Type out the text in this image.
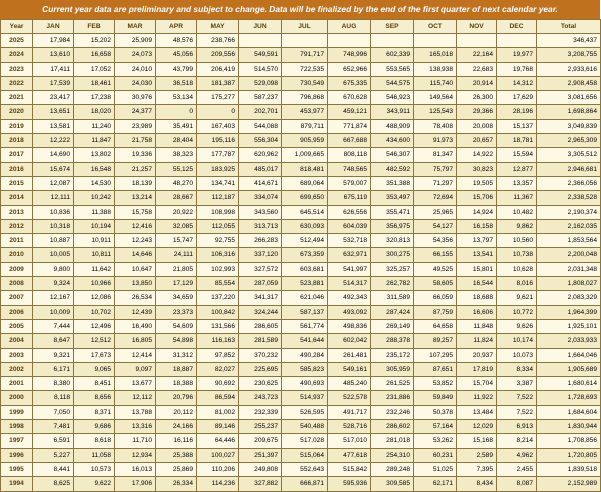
Current year data are preliminary and subject to change. Data will be finalized by the end of the first quarter of next calendar year.
Year	JAN	FEB	MAR	APR	MAY	JUN	JUL	AUG	SEP	OCT	NOV	DEC	Total
2025	17,984	15,202	25,909	48,576	238,766								346,437
2024	13,610	16,658	24,073	45,056	209,556	549,591	791,717	748,996	602,339	165,018	22,164	19,977	3,208,755
2023	17,411	17,052	24,010	43,799	206,419	514,570	722,535	652,966	553,565	138,938	22,683	19,768	2,933,616
2022	17,539	18,461	24,030	36,518	181,387	529,098	730,549	675,335	544,575	115,740	20,914	14,312	2,908,458
2021	23,417	17,238	30,976	53,134	175,277	587,237	796,868	670,628	546,923	149,564	26,300	17,629	3,081,656
2020	13,651	18,020	24,377	0	0	202,701	453,977	459,121	343,911	125,543	29,366	28,196	1,698,864
2019	13,581	11,240	23,989	35,491	167,403	544,088	879,711	771,874	488,909	78,408	20,008	15,137	3,049,839
2018	12,222	11,847	21,758	28,404	195,116	556,304	905,959	667,688	434,600	91,973	20,657	18,781	2,965,309
2017	14,690	13,802	19,336	38,323	177,787	620,962	1,009,665	808,118	546,307	81,347	14,922	15,594	3,305,512
2016	15,674	16,548	21,257	55,125	183,925	485,017	818,481	748,565	482,592	75,797	30,823	12,877	2,946,681
2015	12,087	14,530	18,139	48,270	134,741	414,671	689,064	579,007	351,388	71,297	19,505	13,357	2,366,056
2014	12,111	10,242	13,214	28,667	112,187	334,074	699,650	675,119	353,497	72,694	15,706	11,367	2,338,528
2013	10,836	11,388	15,758	20,922	108,998	343,560	645,514	626,556	355,471	25,965	14,924	10,482	2,190,374
2012	10,318	10,194	12,416	32,085	112,055	313,713	630,093	604,039	356,975	54,127	16,158	9,862	2,162,035
2011	10,887	10,911	12,243	15,747	92,755	266,283	512,494	532,718	320,813	54,356	13,797	10,560	1,853,564
2010	10,005	10,811	14,646	24,111	106,316	337,120	673,359	632,971	300,275	66,155	13,541	10,738	2,200,048
2009	9,800	11,642	10,647	21,805	102,993	327,572	603,681	541,997	325,257	49,525	15,801	10,628	2,031,348
2008	9,324	10,966	13,850	17,129	85,554	287,059	523,881	514,317	262,782	58,605	16,544	8,016	1,808,027
2007	12,167	12,086	26,534	34,659	137,220	341,317	621,046	492,343	311,589	66,059	18,688	9,621	2,083,329
2006	10,009	10,702	12,439	23,373	100,842	324,244	587,137	493,092	287,424	87,759	16,606	10,772	1,964,399
2005	7,444	12,496	16,490	54,609	131,566	286,605	561,774	498,836	269,149	64,658	11,848	9,626	1,925,101
2004	8,647	12,512	16,805	54,898	116,163	281,589	541,644	602,042	288,378	89,257	11,824	10,174	2,033,933
2003	9,321	17,673	12,414	31,312	97,852	370,232	490,284	261,481	235,172	107,295	20,937	10,073	1,664,046
2002	6,171	9,065	9,097	18,887	82,027	225,695	585,823	549,161	305,959	87,651	17,819	8,334	1,905,689
2001	8,380	8,451	13,677	18,388	90,692	230,625	490,693	485,240	261,525	53,852	15,704	3,387	1,680,614
2000	8,118	8,656	12,112	20,796	86,594	243,723	514,937	522,578	231,886	59,849	11,922	7,522	1,728,693
1999	7,050	8,371	13,788	20,112	81,002	232,339	526,595	491,717	232,246	50,378	13,484	7,522	1,684,604
1998	7,481	9,686	13,316	24,166	89,146	255,237	540,488	528,716	286,602	57,164	12,029	6,913	1,830,944
1997	6,591	8,618	11,710	16,116	64,446	209,675	517,028	517,010	281,018	53,262	15,168	8,214	1,708,856
1996	5,227	11,058	12,934	25,388	100,027	251,397	515,064	477,618	254,310	60,231	2,589	4,962	1,720,805
1995	8,441	10,573	16,013	25,869	110,206	249,808	552,643	515,842	289,248	51,025	7,395	2,455	1,839,518
1994	8,625	9,622	17,906	26,334	114,236	327,882	666,871	595,936	309,585	62,171	8,434	8,087	2,152,989
